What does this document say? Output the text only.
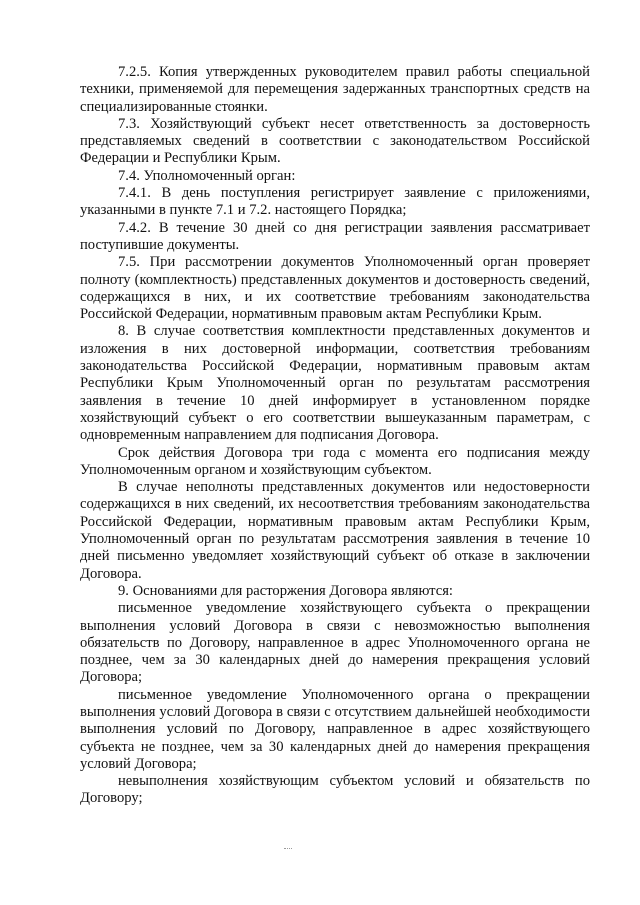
7.2.5. Копия утвержденных руководителем правил работы специальной техники, применяемой для перемещения задержанных транспортных средств на специализированные стоянки.

7.3. Хозяйствующий субъект несет ответственность за достоверность представляемых сведений в соответствии с законодательством Российской Федерации и Республики Крым.

7.4. Уполномоченный орган:

7.4.1. В день поступления регистрирует заявление с приложениями, указанными в пункте 7.1 и 7.2. настоящего Порядка;

7.4.2. В течение 30 дней со дня регистрации заявления рассматривает поступившие документы.

7.5. При рассмотрении документов Уполномоченный орган проверяет полноту (комплектность) представленных документов и достоверность сведений, содержащихся в них, и их соответствие требованиям законодательства Российской Федерации, нормативным правовым актам Республики Крым.

8. В случае соответствия комплектности представленных документов и изложения в них достоверной информации, соответствия требованиям законодательства Российской Федерации, нормативным правовым актам Республики Крым Уполномоченный орган по результатам рассмотрения заявления в течение 10 дней информирует в установленном порядке хозяйствующий субъект о его соответствии вышеуказанным параметрам, с одновременным направлением для подписания Договора.

Срок действия Договора три года с момента его подписания между Уполномоченным органом и хозяйствующим субъектом.

В случае неполноты представленных документов или недостоверности содержащихся в них сведений, их несоответствия требованиям законодательства Российской Федерации, нормативным правовым актам Республики Крым, Уполномоченный орган по результатам рассмотрения заявления в течение 10 дней письменно уведомляет хозяйствующий субъект об отказе в заключении Договора.

9. Основаниями для расторжения Договора являются:

письменное уведомление хозяйствующего субъекта о прекращении выполнения условий Договора в связи с невозможностью выполнения обязательств по Договору, направленное в адрес Уполномоченного органа не позднее, чем за 30 календарных дней до намерения прекращения условий Договора;

письменное уведомление Уполномоченного органа о прекращении выполнения условий Договора в связи с отсутствием дальнейшей необходимости выполнения условий по Договору, направленное в адрес хозяйствующего субъекта не позднее, чем за 30 календарных дней до намерения прекращения условий Договора;

невыполнения хозяйствующим субъектом условий и обязательств по Договору;
